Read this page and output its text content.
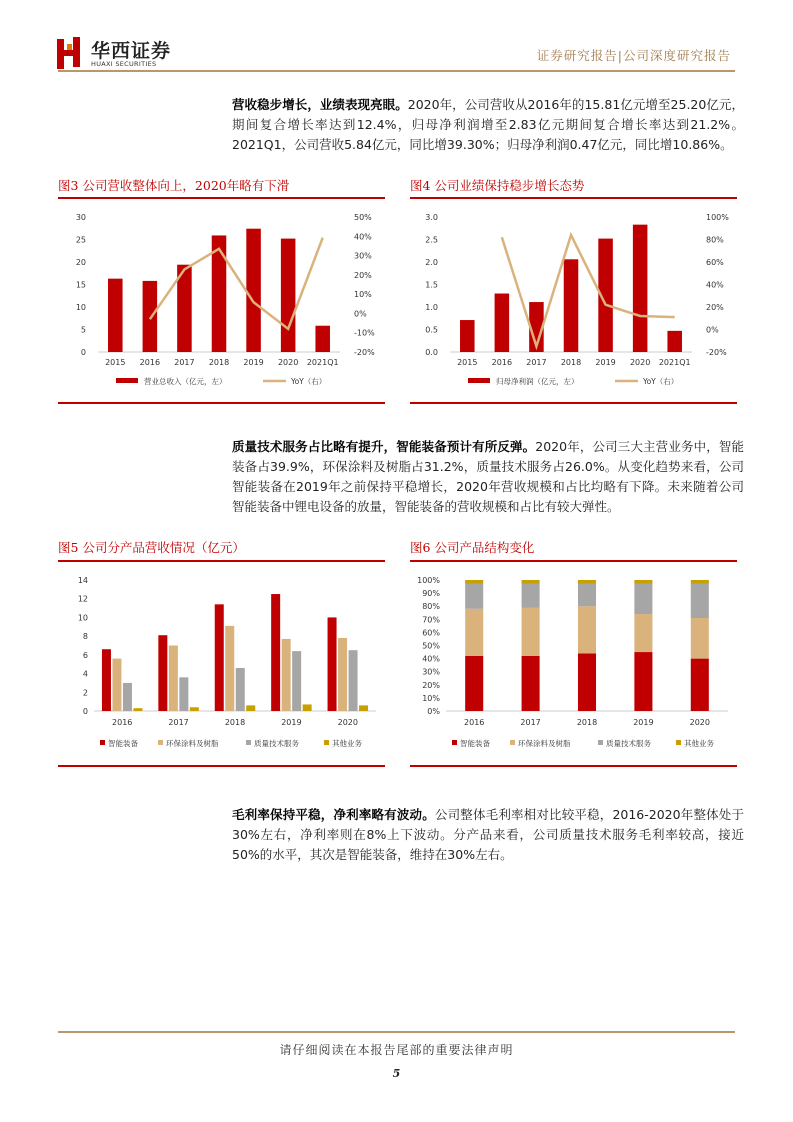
华西证券
HUAXI SECURITIES
证券研究报告|公司深度研究报告
营收稳步增长，业绩表现亮眼。2020年，公司营收从2016年的15.81亿元增至25.20亿元，期间复合增长率达到12.4%，归母净利润增至2.83亿元期间复合增长率达到21.2%。2021Q1，公司营收5.84亿元，同比增39.30%；归母净利润0.47亿元，同比增10.86%。
图3 公司营收整体向上，2020年略有下滑
0
5
10
15
20
25
30
-20%
-10%
0%
10%
20%
30%
40%
50%
2015 2016 2017 2018 2019 2020 2021Q1
营业总收入（亿元，左）	YoY（右）
图4 公司业绩保持稳步增长态势
0.0
0.5
1.0
1.5
2.0
2.5
3.0
-20%
0%
20%
40%
60%
80%
100%
2015 2016 2017 2018 2019 2020 2021Q1
归母净利润（亿元，左）	YoY（右）
质量技术服务占比略有提升，智能装备预计有所反弹。2020年，公司三大主营业务中，智能装备占39.9%，环保涂料及树脂占31.2%，质量技术服务占26.0%。从变化趋势来看，公司智能装备在2019年之前保持平稳增长，2020年营收规模和占比均略有下降。未来随着公司智能装备中锂电设备的放量，智能装备的营收规模和占比有较大弹性。
图5 公司分产品营收情况（亿元）
0
2
4
6
8
10
12
14
2016	2017	2018	2019	2020
智能装备	环保涂料及树脂	质量技术服务	其他业务
图6 公司产品结构变化
0%
10%
20%
30%
40%
50%
60%
70%
80%
90%
100%
2016	2017	2018	2019	2020
智能装备	环保涂料及树脂	质量技术服务	其他业务
毛利率保持平稳，净利率略有波动。公司整体毛利率相对比较平稳，2016-2020年整体处于30%左右，净利率则在8%上下波动。分产品来看，公司质量技术服务毛利率较高，接近50%的水平，其次是智能装备，维持在30%左右。
请仔细阅读在本报告尾部的重要法律声明
5
